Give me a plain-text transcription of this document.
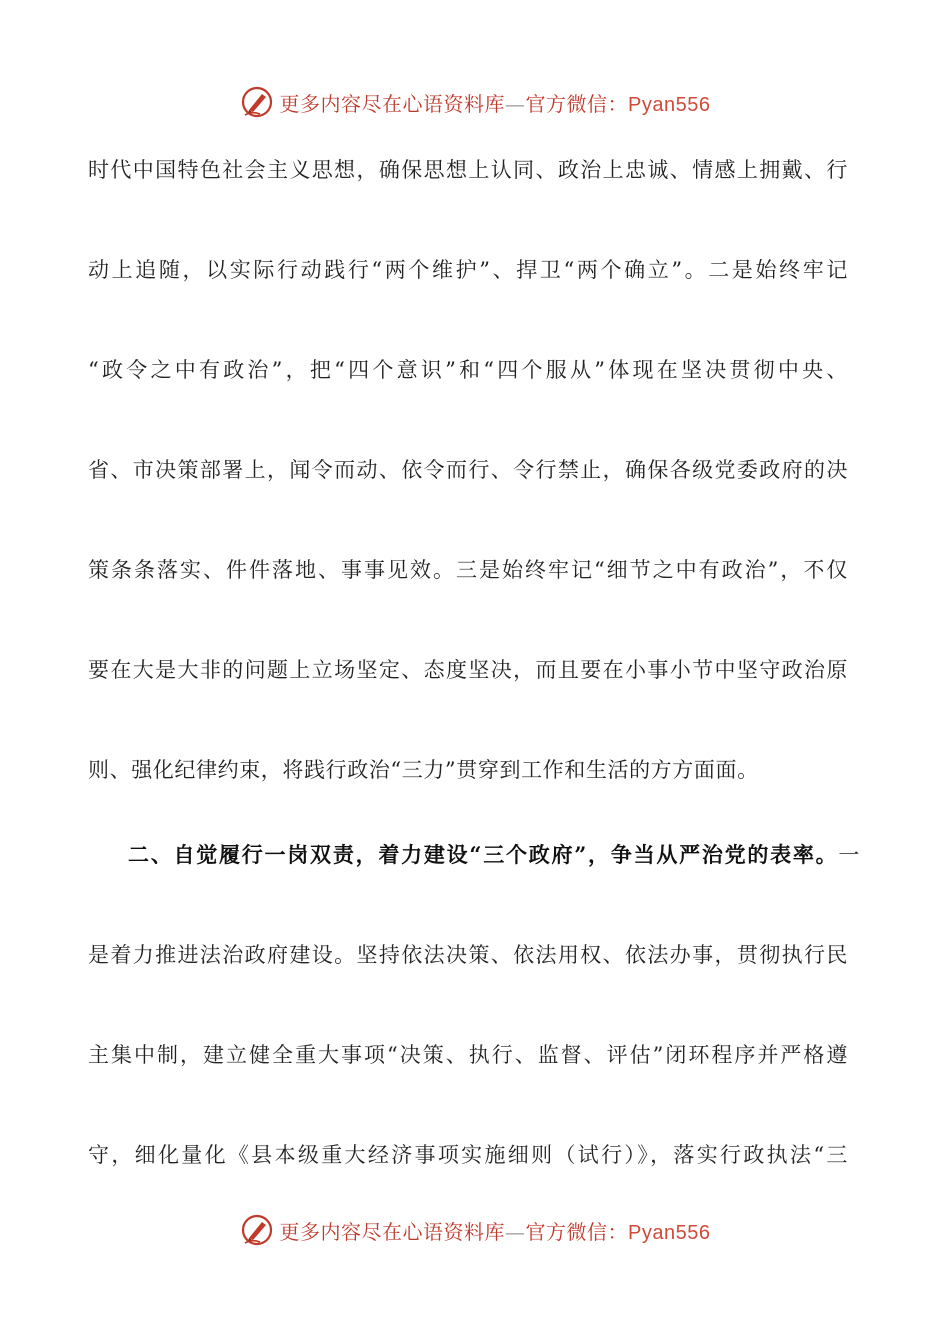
更多内容尽在心语资料库—官方微信：Pyan556
时代中国特色社会主义思想，确保思想上认同、政治上忠诚、情感上拥戴、行
动上追随，以实际行动践行“两个维护”、捍卫“两个确立”。二是始终牢记
“政令之中有政治”，把“四个意识”和“四个服从”体现在坚决贯彻中央、
省、市决策部署上，闻令而动、依令而行、令行禁止，确保各级党委政府的决
策条条落实、件件落地、事事见效。三是始终牢记“细节之中有政治”，不仅
要在大是大非的问题上立场坚定、态度坚决，而且要在小事小节中坚守政治原
则、强化纪律约束，将践行政治“三力”贯穿到工作和生活的方方面面。
二、自觉履行一岗双责，着力建设“三个政府”，争当从严治党的表率。一
是着力推进法治政府建设。坚持依法决策、依法用权、依法办事，贯彻执行民
主集中制，建立健全重大事项“决策、执行、监督、评估”闭环程序并严格遵
守，细化量化《县本级重大经济事项实施细则（试行）》，落实行政执法“三
更多内容尽在心语资料库—官方微信：Pyan556
